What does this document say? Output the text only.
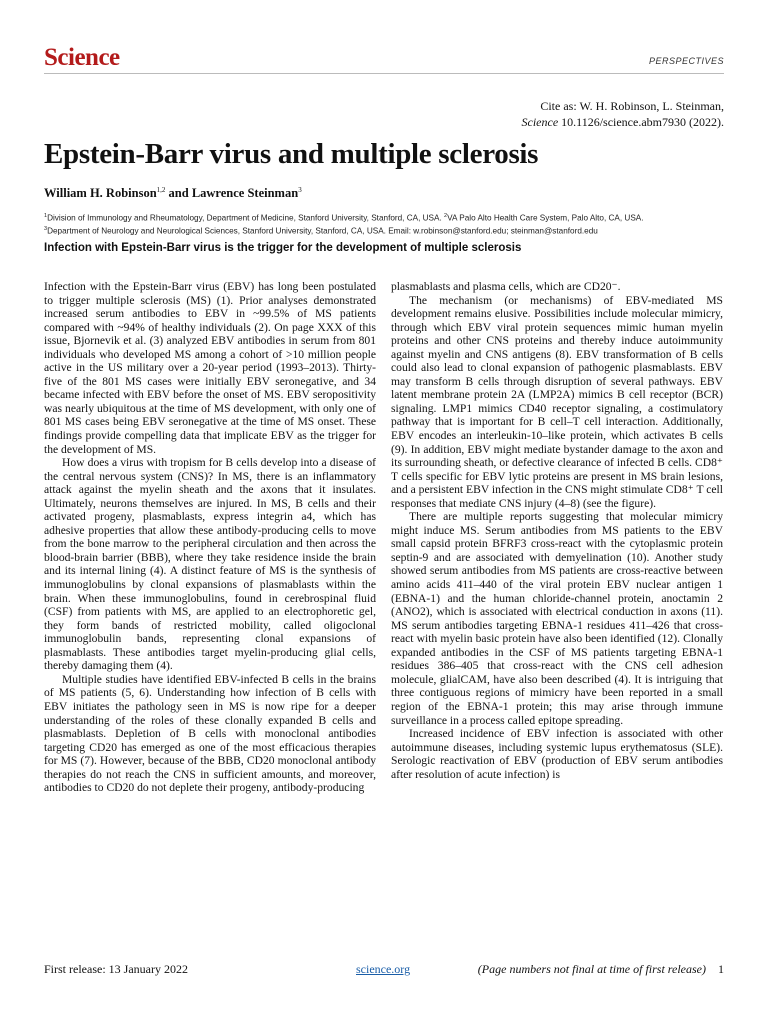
Science	PERSPECTIVES
Cite as: W. H. Robinson, L. Steinman,
Science 10.1126/science.abm7930 (2022).
Epstein-Barr virus and multiple sclerosis
William H. Robinson$^{1,2}$ and Lawrence Steinman$^3$
$^1$Division of Immunology and Rheumatology, Department of Medicine, Stanford University, Stanford, CA, USA. $^2$VA Palo Alto Health Care System, Palo Alto, CA, USA.
$^3$Department of Neurology and Neurological Sciences, Stanford University, Stanford, CA, USA. Email: w.robinson@stanford.edu; steinman@stanford.edu
Infection with Epstein-Barr virus is the trigger for the development of multiple sclerosis

Infection with the Epstein-Barr virus (EBV) has long been postulated to trigger multiple sclerosis (MS) (1). Prior analyses demonstrated increased serum antibodies to EBV in ~99.5% of MS patients compared with ~94% of healthy individuals (2). On page XXX of this issue, Bjornevik et al. (3) analyzed EBV antibodies in serum from 801 individuals who developed MS among a cohort of >10 million people active in the US military over a 20-year period (1993–2013). Thirty-five of the 801 MS cases were initially EBV seronegative, and 34 became infected with EBV before the onset of MS. EBV seropositivity was nearly ubiquitous at the time of MS development, with only one of 801 MS cases being EBV seronegative at the time of MS onset. These findings provide compelling data that implicate EBV as the trigger for the development of MS.

How does a virus with tropism for B cells develop into a disease of the central nervous system (CNS)? In MS, there is an inflammatory attack against the myelin sheath and the axons that it insulates. Ultimately, neurons themselves are injured. In MS, B cells and their activated progeny, plasmablasts, express integrin a4, which has adhesive properties that allow these antibody-producing cells to move from the bone marrow to the peripheral circulation and then across the blood-brain barrier (BBB), where they take residence inside the brain and its internal lining (4). A distinct feature of MS is the synthesis of immunoglobulins by clonal expansions of plasmablasts within the brain. When these immunoglobulins, found in cerebrospinal fluid (CSF) from patients with MS, are applied to an electrophoretic gel, they form bands of restricted mobility, called oligoclonal immunoglobulin bands, representing clonal expansions of plasmablasts. These antibodies target myelin-producing glial cells, thereby damaging them (4).

Multiple studies have identified EBV-infected B cells in the brains of MS patients (5, 6). Understanding how infection of B cells with EBV initiates the pathology seen in MS is now ripe for a deeper understanding of the roles of these clonally expanded B cells and plasmablasts. Depletion of B cells with monoclonal antibodies targeting CD20 has emerged as one of the most efficacious therapies for MS (7). However, because of the BBB, CD20 monoclonal antibody therapies do not reach the CNS in sufficient amounts, and moreover, antibodies to CD20 do not deplete their progeny, antibody-producing

plasmablasts and plasma cells, which are CD20⁻.

The mechanism (or mechanisms) of EBV-mediated MS development remains elusive. Possibilities include molecular mimicry, through which EBV viral protein sequences mimic human myelin proteins and other CNS proteins and thereby induce autoimmunity against myelin and CNS antigens (8). EBV transformation of B cells could also lead to clonal expansion of pathogenic plasmablasts. EBV may transform B cells through disruption of several pathways. EBV latent membrane protein 2A (LMP2A) mimics B cell receptor (BCR) signaling. LMP1 mimics CD40 receptor signaling, a costimulatory pathway that is important for B cell–T cell interaction. Additionally, EBV encodes an interleukin-10–like protein, which activates B cells (9). In addition, EBV might mediate bystander damage to the axon and its surrounding sheath, or defective clearance of infected B cells. CD8⁺ T cells specific for EBV lytic proteins are present in MS brain lesions, and a persistent EBV infection in the CNS might stimulate CD8⁺ T cell responses that mediate CNS injury (4–8) (see the figure).

There are multiple reports suggesting that molecular mimicry might induce MS. Serum antibodies from MS patients to the EBV small capsid protein BFRF3 cross-react with the cytoplasmic protein septin-9 and are associated with demyelination (10). Another study showed serum antibodies from MS patients are cross-reactive between amino acids 411–440 of the viral protein EBV nuclear antigen 1 (EBNA-1) and the human chloride-channel protein, anoctamin 2 (ANO2), which is associated with electrical conduction in axons (11). MS serum antibodies targeting EBNA-1 residues 411–426 that cross-react with myelin basic protein have also been identified (12). Clonally expanded antibodies in the CSF of MS patients targeting EBNA-1 residues 386–405 that cross-react with the CNS cell adhesion molecule, glialCAM, have also been described (4). It is intriguing that three contiguous regions of mimicry have been reported in a small region of the EBNA-1 protein; this may arise through immune surveillance in a process called epitope spreading.

Increased incidence of EBV infection is associated with other autoimmune diseases, including systemic lupus erythematosus (SLE). Serologic reactivation of EBV (production of EBV serum antibodies after resolution of acute infection) is

First release: 13 January 2022	science.org	(Page numbers not final at time of first release) 1
